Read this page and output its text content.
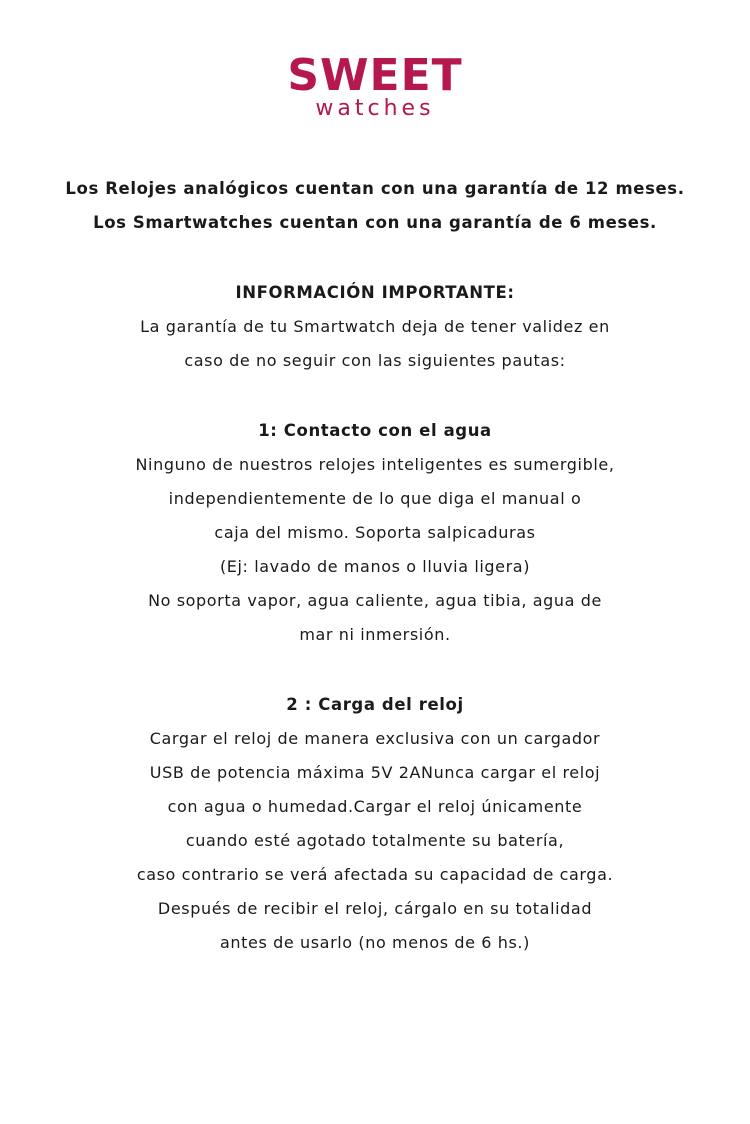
SWEET
watches
Los Relojes analógicos cuentan con una garantía de 12 meses.
Los Smartwatches cuentan con una garantía de 6 meses.
INFORMACIÓN IMPORTANTE:
La garantía de tu Smartwatch deja de tener validez en
caso de no seguir con las siguientes pautas:
1: Contacto con el agua
Ninguno de nuestros relojes inteligentes es sumergible,
independientemente de lo que diga el manual o
caja del mismo. Soporta salpicaduras
(Ej: lavado de manos o lluvia ligera)
No soporta vapor, agua caliente, agua tibia, agua de
mar ni inmersión.
2 : Carga del reloj
Cargar el reloj de manera exclusiva con un cargador
USB de potencia máxima 5V 2ANunca cargar el reloj
con agua o humedad.Cargar el reloj únicamente
cuando esté agotado totalmente su batería,
caso contrario se verá afectada su capacidad de carga.
Después de recibir el reloj, cárgalo en su totalidad
antes de usarlo (no menos de 6 hs.)
